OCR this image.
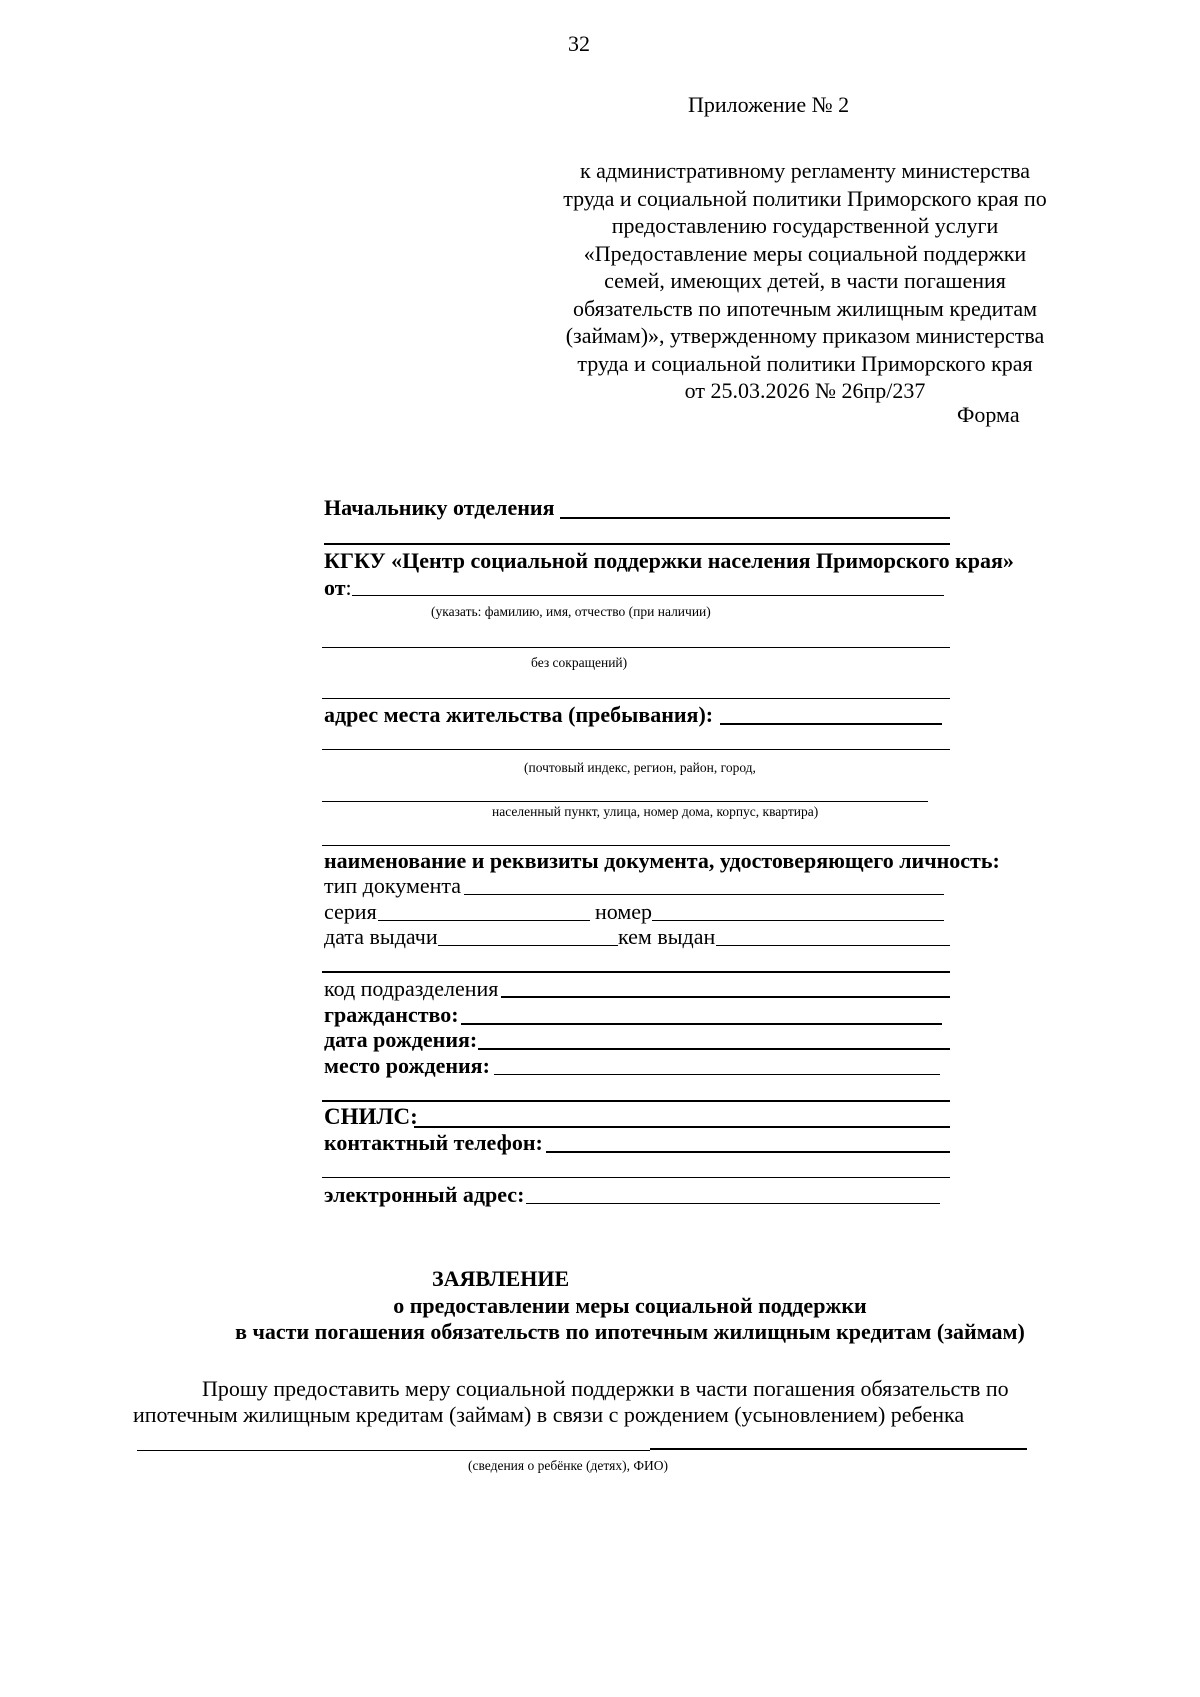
32
Приложение № 2
к административному регламенту министерства
труда и социальной политики Приморского края по
предоставлению государственной услуги
«Предоставление меры социальной поддержки
семей, имеющих детей, в части погашения
обязательств по ипотечным жилищным кредитам
(займам)», утвержденному приказом министерства
труда и социальной политики Приморского края
от 25.03.2026 № 26пр/237
Форма
Начальнику отделения
КГКУ «Центр социальной поддержки населения Приморского края»
от:
(указать: фамилию, имя, отчество (при наличии)
без сокращений)
адрес места жительства (пребывания):
(почтовый индекс, регион, район, город,
населенный пункт, улица, номер дома, корпус, квартира)
наименование и реквизиты документа, удостоверяющего личность:
тип документа
серия	номер
дата выдачи	кем выдан
код подразделения
гражданство:
дата рождения:
место рождения:
СНИЛС:
контактный телефон:
электронный адрес:
ЗАЯВЛЕНИЕ
о предоставлении меры социальной поддержки
в части погашения обязательств по ипотечным жилищным кредитам (займам)
Прошу предоставить меру социальной поддержки в части погашения обязательств по
ипотечным жилищным кредитам (займам) в связи с рождением (усыновлением) ребенка
(сведения о ребёнке (детях), ФИО)
